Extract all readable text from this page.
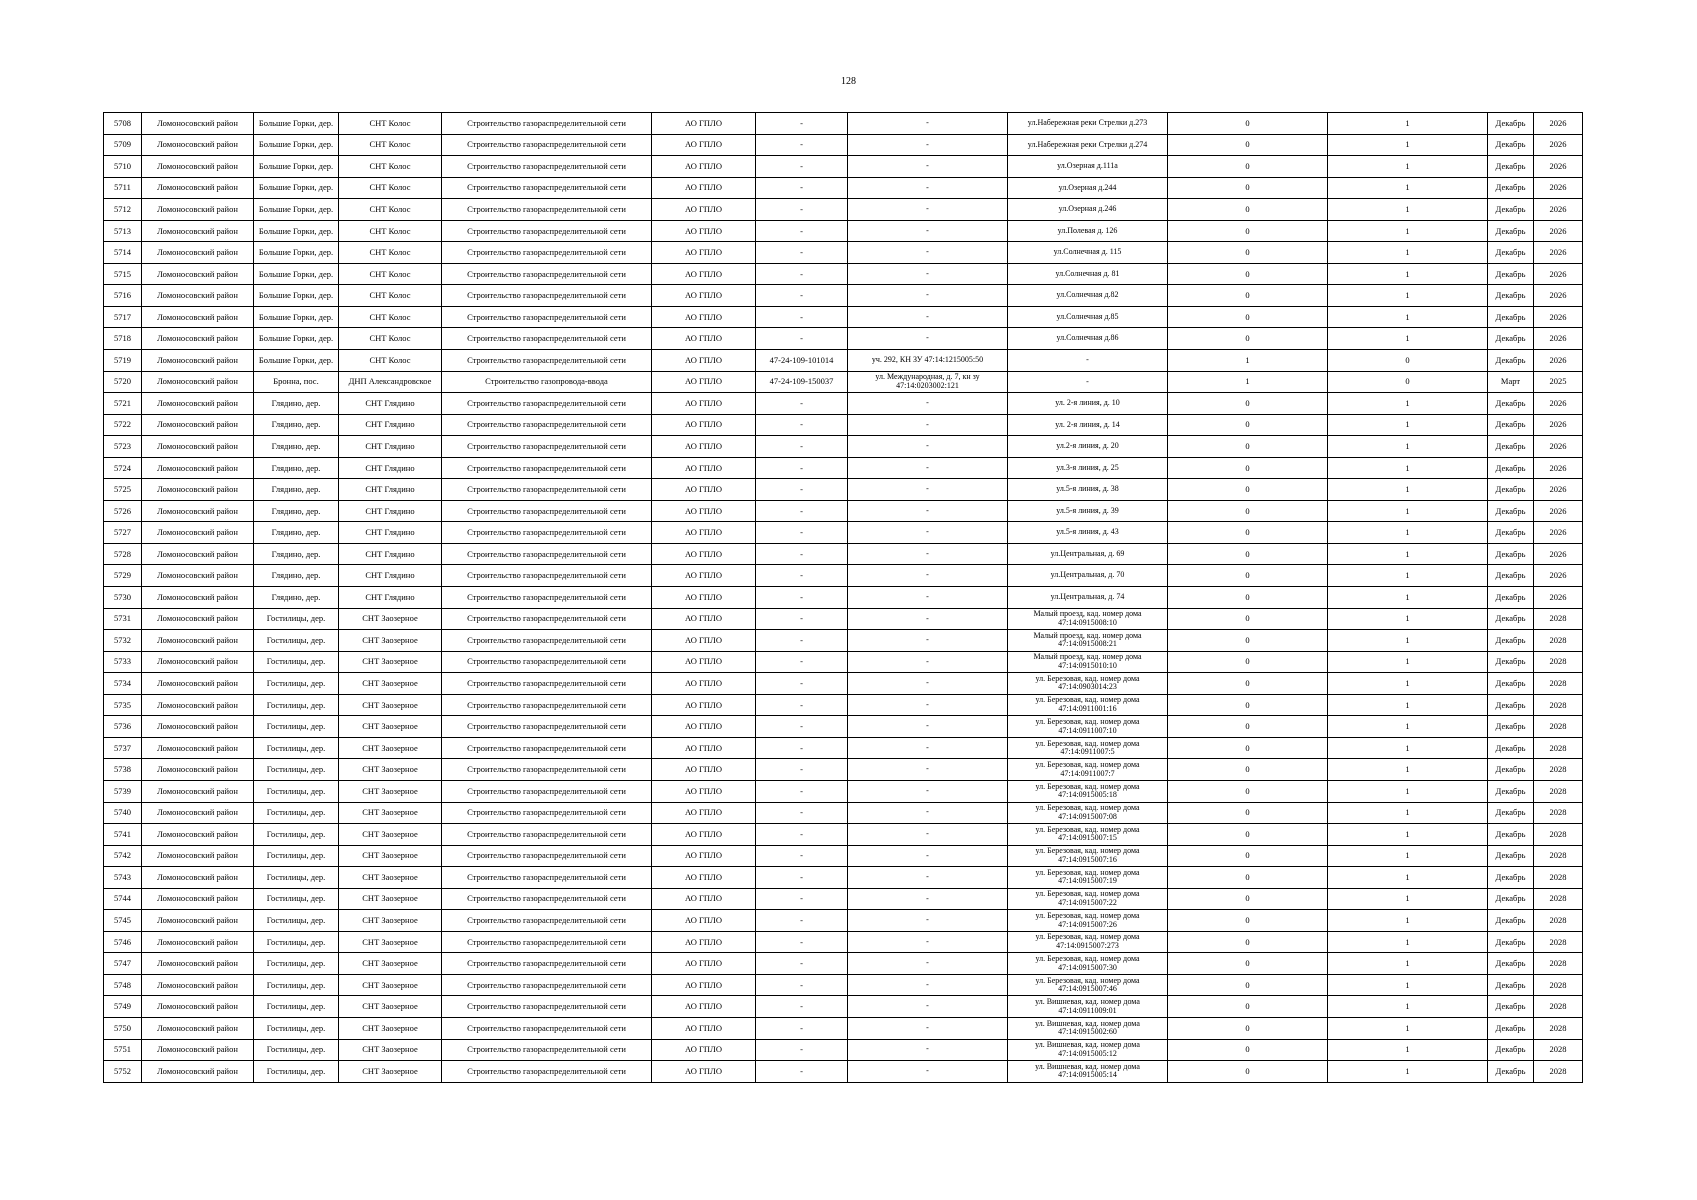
128
5708	Ломоносовский район	Большие Горки, дер.	СНТ Колос	Строительство газораспределительной сети	АО ГПЛО	-	-	ул.Набережная реки Стрелки д.273	0	1	Декабрь	2026
5709	Ломоносовский район	Большие Горки, дер.	СНТ Колос	Строительство газораспределительной сети	АО ГПЛО	-	-	ул.Набережная реки Стрелки д.274	0	1	Декабрь	2026
5710	Ломоносовский район	Большие Горки, дер.	СНТ Колос	Строительство газораспределительной сети	АО ГПЛО	-	-	ул.Озерная д.111а	0	1	Декабрь	2026
5711	Ломоносовский район	Большие Горки, дер.	СНТ Колос	Строительство газораспределительной сети	АО ГПЛО	-	-	ул.Озерная д.244	0	1	Декабрь	2026
5712	Ломоносовский район	Большие Горки, дер.	СНТ Колос	Строительство газораспределительной сети	АО ГПЛО	-	-	ул.Озерная д.246	0	1	Декабрь	2026
5713	Ломоносовский район	Большие Горки, дер.	СНТ Колос	Строительство газораспределительной сети	АО ГПЛО	-	-	ул.Полевая д. 126	0	1	Декабрь	2026
5714	Ломоносовский район	Большие Горки, дер.	СНТ Колос	Строительство газораспределительной сети	АО ГПЛО	-	-	ул.Солнечная д. 115	0	1	Декабрь	2026
5715	Ломоносовский район	Большие Горки, дер.	СНТ Колос	Строительство газораспределительной сети	АО ГПЛО	-	-	ул.Солнечная д. 81	0	1	Декабрь	2026
5716	Ломоносовский район	Большие Горки, дер.	СНТ Колос	Строительство газораспределительной сети	АО ГПЛО	-	-	ул.Солнечная д.82	0	1	Декабрь	2026
5717	Ломоносовский район	Большие Горки, дер.	СНТ Колос	Строительство газораспределительной сети	АО ГПЛО	-	-	ул.Солнечная д.85	0	1	Декабрь	2026
5718	Ломоносовский район	Большие Горки, дер.	СНТ Колос	Строительство газораспределительной сети	АО ГПЛО	-	-	ул.Солнечная д.86	0	1	Декабрь	2026
5719	Ломоносовский район	Большие Горки, дер.	СНТ Колос	Строительство газораспределительной сети	АО ГПЛО	47-24-109-101014	уч. 292, КН ЗУ 47:14:1215005:50	-	1	0	Декабрь	2026
5720	Ломоносовский район	Бронна, пос.	ДНП Александровское	Строительство газопровода-ввода	АО ГПЛО	47-24-109-150037	ул. Международная, д. 7, кн зу 47:14:0203002:121	-	1	0	Март	2025
5721	Ломоносовский район	Глядино, дер.	СНТ Глядино	Строительство газораспределительной сети	АО ГПЛО	-	-	ул. 2-я линия, д. 10	0	1	Декабрь	2026
5722	Ломоносовский район	Глядино, дер.	СНТ Глядино	Строительство газораспределительной сети	АО ГПЛО	-	-	ул. 2-я линия, д. 14	0	1	Декабрь	2026
5723	Ломоносовский район	Глядино, дер.	СНТ Глядино	Строительство газораспределительной сети	АО ГПЛО	-	-	ул.2-я линия, д. 20	0	1	Декабрь	2026
5724	Ломоносовский район	Глядино, дер.	СНТ Глядино	Строительство газораспределительной сети	АО ГПЛО	-	-	ул.3-я линия, д. 25	0	1	Декабрь	2026
5725	Ломоносовский район	Глядино, дер.	СНТ Глядино	Строительство газораспределительной сети	АО ГПЛО	-	-	ул.5-я линия, д. 38	0	1	Декабрь	2026
5726	Ломоносовский район	Глядино, дер.	СНТ Глядино	Строительство газораспределительной сети	АО ГПЛО	-	-	ул.5-я линия, д. 39	0	1	Декабрь	2026
5727	Ломоносовский район	Глядино, дер.	СНТ Глядино	Строительство газораспределительной сети	АО ГПЛО	-	-	ул.5-я линия, д. 43	0	1	Декабрь	2026
5728	Ломоносовский район	Глядино, дер.	СНТ Глядино	Строительство газораспределительной сети	АО ГПЛО	-	-	ул.Центральная, д. 69	0	1	Декабрь	2026
5729	Ломоносовский район	Глядино, дер.	СНТ Глядино	Строительство газораспределительной сети	АО ГПЛО	-	-	ул.Центральная, д. 70	0	1	Декабрь	2026
5730	Ломоносовский район	Глядино, дер.	СНТ Глядино	Строительство газораспределительной сети	АО ГПЛО	-	-	ул.Центральная, д. 74	0	1	Декабрь	2026
5731	Ломоносовский район	Гостилицы, дер.	СНТ Заозерное	Строительство газораспределительной сети	АО ГПЛО	-	-	Малый проезд, кад. номер дома 47:14:0915008:10	0	1	Декабрь	2028
5732	Ломоносовский район	Гостилицы, дер.	СНТ Заозерное	Строительство газораспределительной сети	АО ГПЛО	-	-	Малый проезд, кад. номер дома 47:14:0915008:21	0	1	Декабрь	2028
5733	Ломоносовский район	Гостилицы, дер.	СНТ Заозерное	Строительство газораспределительной сети	АО ГПЛО	-	-	Малый проезд, кад. номер дома 47:14:0915010:10	0	1	Декабрь	2028
5734	Ломоносовский район	Гостилицы, дер.	СНТ Заозерное	Строительство газораспределительной сети	АО ГПЛО	-	-	ул. Березовая, кад. номер дома 47:14:0903014:23	0	1	Декабрь	2028
5735	Ломоносовский район	Гостилицы, дер.	СНТ Заозерное	Строительство газораспределительной сети	АО ГПЛО	-	-	ул. Березовая, кад. номер дома 47:14:0911001:16	0	1	Декабрь	2028
5736	Ломоносовский район	Гостилицы, дер.	СНТ Заозерное	Строительство газораспределительной сети	АО ГПЛО	-	-	ул. Березовая, кад. номер дома 47:14:0911007:10	0	1	Декабрь	2028
5737	Ломоносовский район	Гостилицы, дер.	СНТ Заозерное	Строительство газораспределительной сети	АО ГПЛО	-	-	ул. Березовая, кад. номер дома 47:14:0911007:5	0	1	Декабрь	2028
5738	Ломоносовский район	Гостилицы, дер.	СНТ Заозерное	Строительство газораспределительной сети	АО ГПЛО	-	-	ул. Березовая, кад. номер дома 47:14:0911007:7	0	1	Декабрь	2028
5739	Ломоносовский район	Гостилицы, дер.	СНТ Заозерное	Строительство газораспределительной сети	АО ГПЛО	-	-	ул. Березовая, кад. номер дома 47:14:0915005:18	0	1	Декабрь	2028
5740	Ломоносовский район	Гостилицы, дер.	СНТ Заозерное	Строительство газораспределительной сети	АО ГПЛО	-	-	ул. Березовая, кад. номер дома 47:14:0915007:08	0	1	Декабрь	2028
5741	Ломоносовский район	Гостилицы, дер.	СНТ Заозерное	Строительство газораспределительной сети	АО ГПЛО	-	-	ул. Березовая, кад. номер дома 47:14:0915007:15	0	1	Декабрь	2028
5742	Ломоносовский район	Гостилицы, дер.	СНТ Заозерное	Строительство газораспределительной сети	АО ГПЛО	-	-	ул. Березовая, кад. номер дома 47:14:0915007:16	0	1	Декабрь	2028
5743	Ломоносовский район	Гостилицы, дер.	СНТ Заозерное	Строительство газораспределительной сети	АО ГПЛО	-	-	ул. Березовая, кад. номер дома 47:14:0915007:19	0	1	Декабрь	2028
5744	Ломоносовский район	Гостилицы, дер.	СНТ Заозерное	Строительство газораспределительной сети	АО ГПЛО	-	-	ул. Березовая, кад. номер дома 47:14:0915007:22	0	1	Декабрь	2028
5745	Ломоносовский район	Гостилицы, дер.	СНТ Заозерное	Строительство газораспределительной сети	АО ГПЛО	-	-	ул. Березовая, кад. номер дома 47:14:0915007:26	0	1	Декабрь	2028
5746	Ломоносовский район	Гостилицы, дер.	СНТ Заозерное	Строительство газораспределительной сети	АО ГПЛО	-	-	ул. Березовая, кад. номер дома 47:14:0915007:273	0	1	Декабрь	2028
5747	Ломоносовский район	Гостилицы, дер.	СНТ Заозерное	Строительство газораспределительной сети	АО ГПЛО	-	-	ул. Березовая, кад. номер дома 47:14:0915007:30	0	1	Декабрь	2028
5748	Ломоносовский район	Гостилицы, дер.	СНТ Заозерное	Строительство газораспределительной сети	АО ГПЛО	-	-	ул. Березовая, кад. номер дома 47:14:0915007:46	0	1	Декабрь	2028
5749	Ломоносовский район	Гостилицы, дер.	СНТ Заозерное	Строительство газораспределительной сети	АО ГПЛО	-	-	ул. Вишневая, кад. номер дома 47:14:0911009:01	0	1	Декабрь	2028
5750	Ломоносовский район	Гостилицы, дер.	СНТ Заозерное	Строительство газораспределительной сети	АО ГПЛО	-	-	ул. Вишневая, кад. номер дома 47:14:0915002:60	0	1	Декабрь	2028
5751	Ломоносовский район	Гостилицы, дер.	СНТ Заозерное	Строительство газораспределительной сети	АО ГПЛО	-	-	ул. Вишневая, кад. номер дома 47:14:0915005:12	0	1	Декабрь	2028
5752	Ломоносовский район	Гостилицы, дер.	СНТ Заозерное	Строительство газораспределительной сети	АО ГПЛО	-	-	ул. Вишневая, кад. номер дома 47:14:0915005:14	0	1	Декабрь	2028
